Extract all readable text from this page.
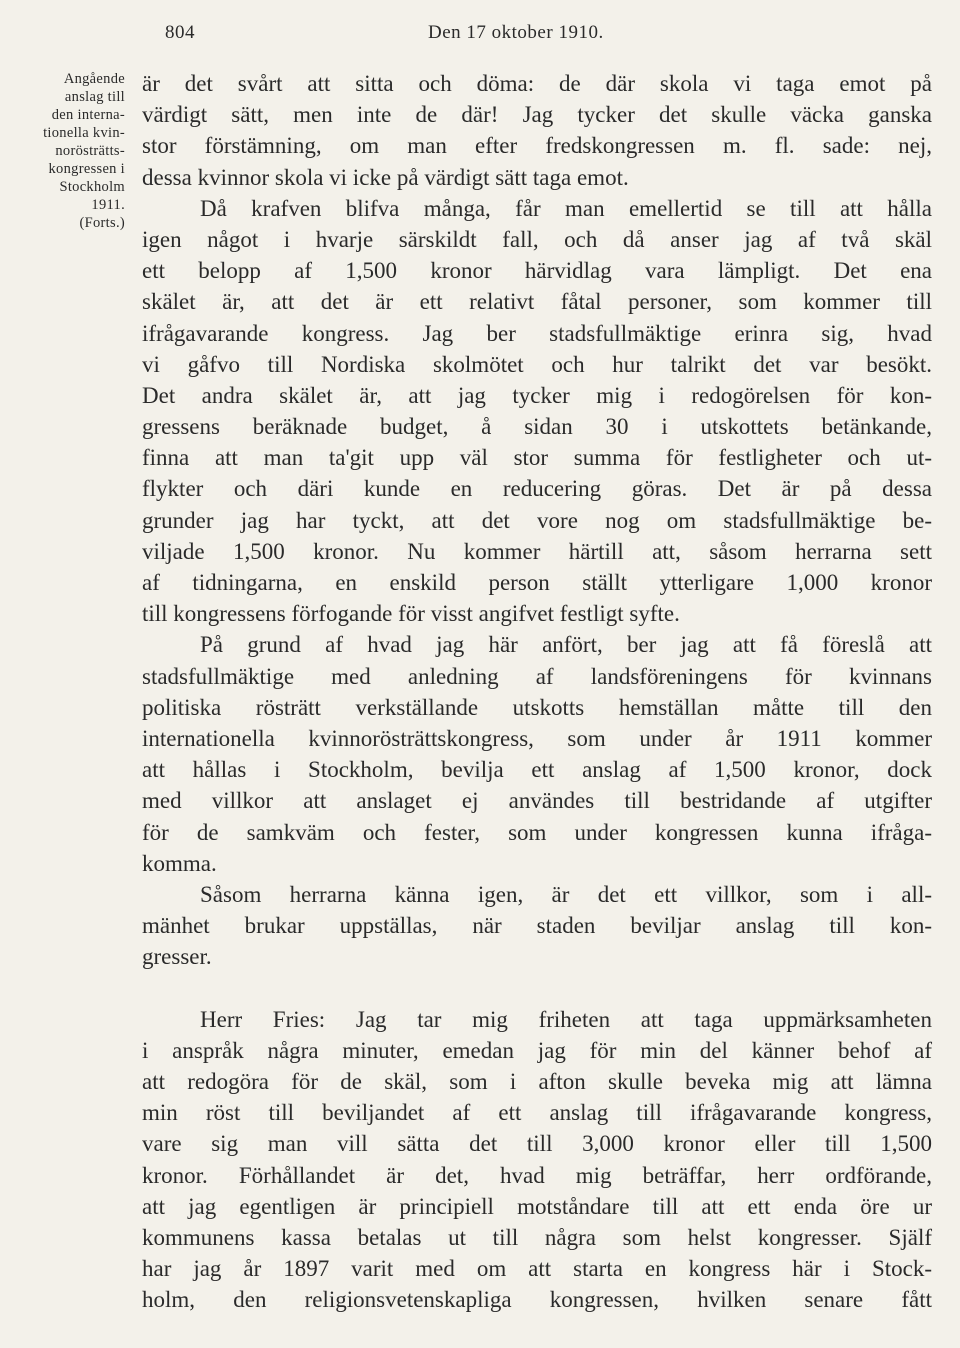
804	Den 17 oktober 1910.
Angående
anslag till
den interna-
tionella kvin-
norösträtts-
kongressen i
Stockholm
1911.
(Forts.)
är det svårt att sitta och döma: de där skola vi taga emot på
värdigt sätt, men inte de där! Jag tycker det skulle väcka ganska
stor förstämning, om man efter fredskongressen m. fl. sade: nej,
dessa kvinnor skola vi icke på värdigt sätt taga emot.
Då krafven blifva många, får man emellertid se till att hålla
igen något i hvarje särskildt fall, och då anser jag af två skäl
ett belopp af 1,500 kronor härvidlag vara lämpligt. Det ena
skälet är, att det är ett relativt fåtal personer, som kommer till
ifrågavarande kongress. Jag ber stadsfullmäktige erinra sig, hvad
vi gåfvo till Nordiska skolmötet och hur talrikt det var besökt.
Det andra skälet är, att jag tycker mig i redogörelsen för kon-
gressens beräknade budget, å sidan 30 i utskottets betänkande,
finna att man ta'git upp väl stor summa för festligheter och ut-
flykter och däri kunde en reducering göras. Det är på dessa
grunder jag har tyckt, att det vore nog om stadsfullmäktige be-
viljade 1,500 kronor. Nu kommer härtill att, såsom herrarna sett
af tidningarna, en enskild person ställt ytterligare 1,000 kronor
till kongressens förfogande för visst angifvet festligt syfte.
På grund af hvad jag här anfört, ber jag att få föreslå att
stadsfullmäktige med anledning af landsföreningens för kvinnans
politiska rösträtt verkställande utskotts hemställan måtte till den
internationella kvinnorösträttskongress, som under år 1911 kommer
att hållas i Stockholm, bevilja ett anslag af 1,500 kronor, dock
med villkor att anslaget ej användes till bestridande af utgifter
för de samkväm och fester, som under kongressen kunna ifråga-
komma.
Såsom herrarna känna igen, är det ett villkor, som i all-
mänhet brukar uppställas, när staden beviljar anslag till kon-
gresser.
Herr Fries: Jag tar mig friheten att taga uppmärksamheten
i anspråk några minuter, emedan jag för min del känner behof af
att redogöra för de skäl, som i afton skulle beveka mig att lämna
min röst till beviljandet af ett anslag till ifrågavarande kongress,
vare sig man vill sätta det till 3,000 kronor eller till 1,500
kronor. Förhållandet är det, hvad mig beträffar, herr ordförande,
att jag egentligen är principiell motståndare till att ett enda öre ur
kommunens kassa betalas ut till några som helst kongresser. Själf
har jag år 1897 varit med om att starta en kongress här i Stock-
holm, den religionsvetenskapliga kongressen, hvilken senare fått
